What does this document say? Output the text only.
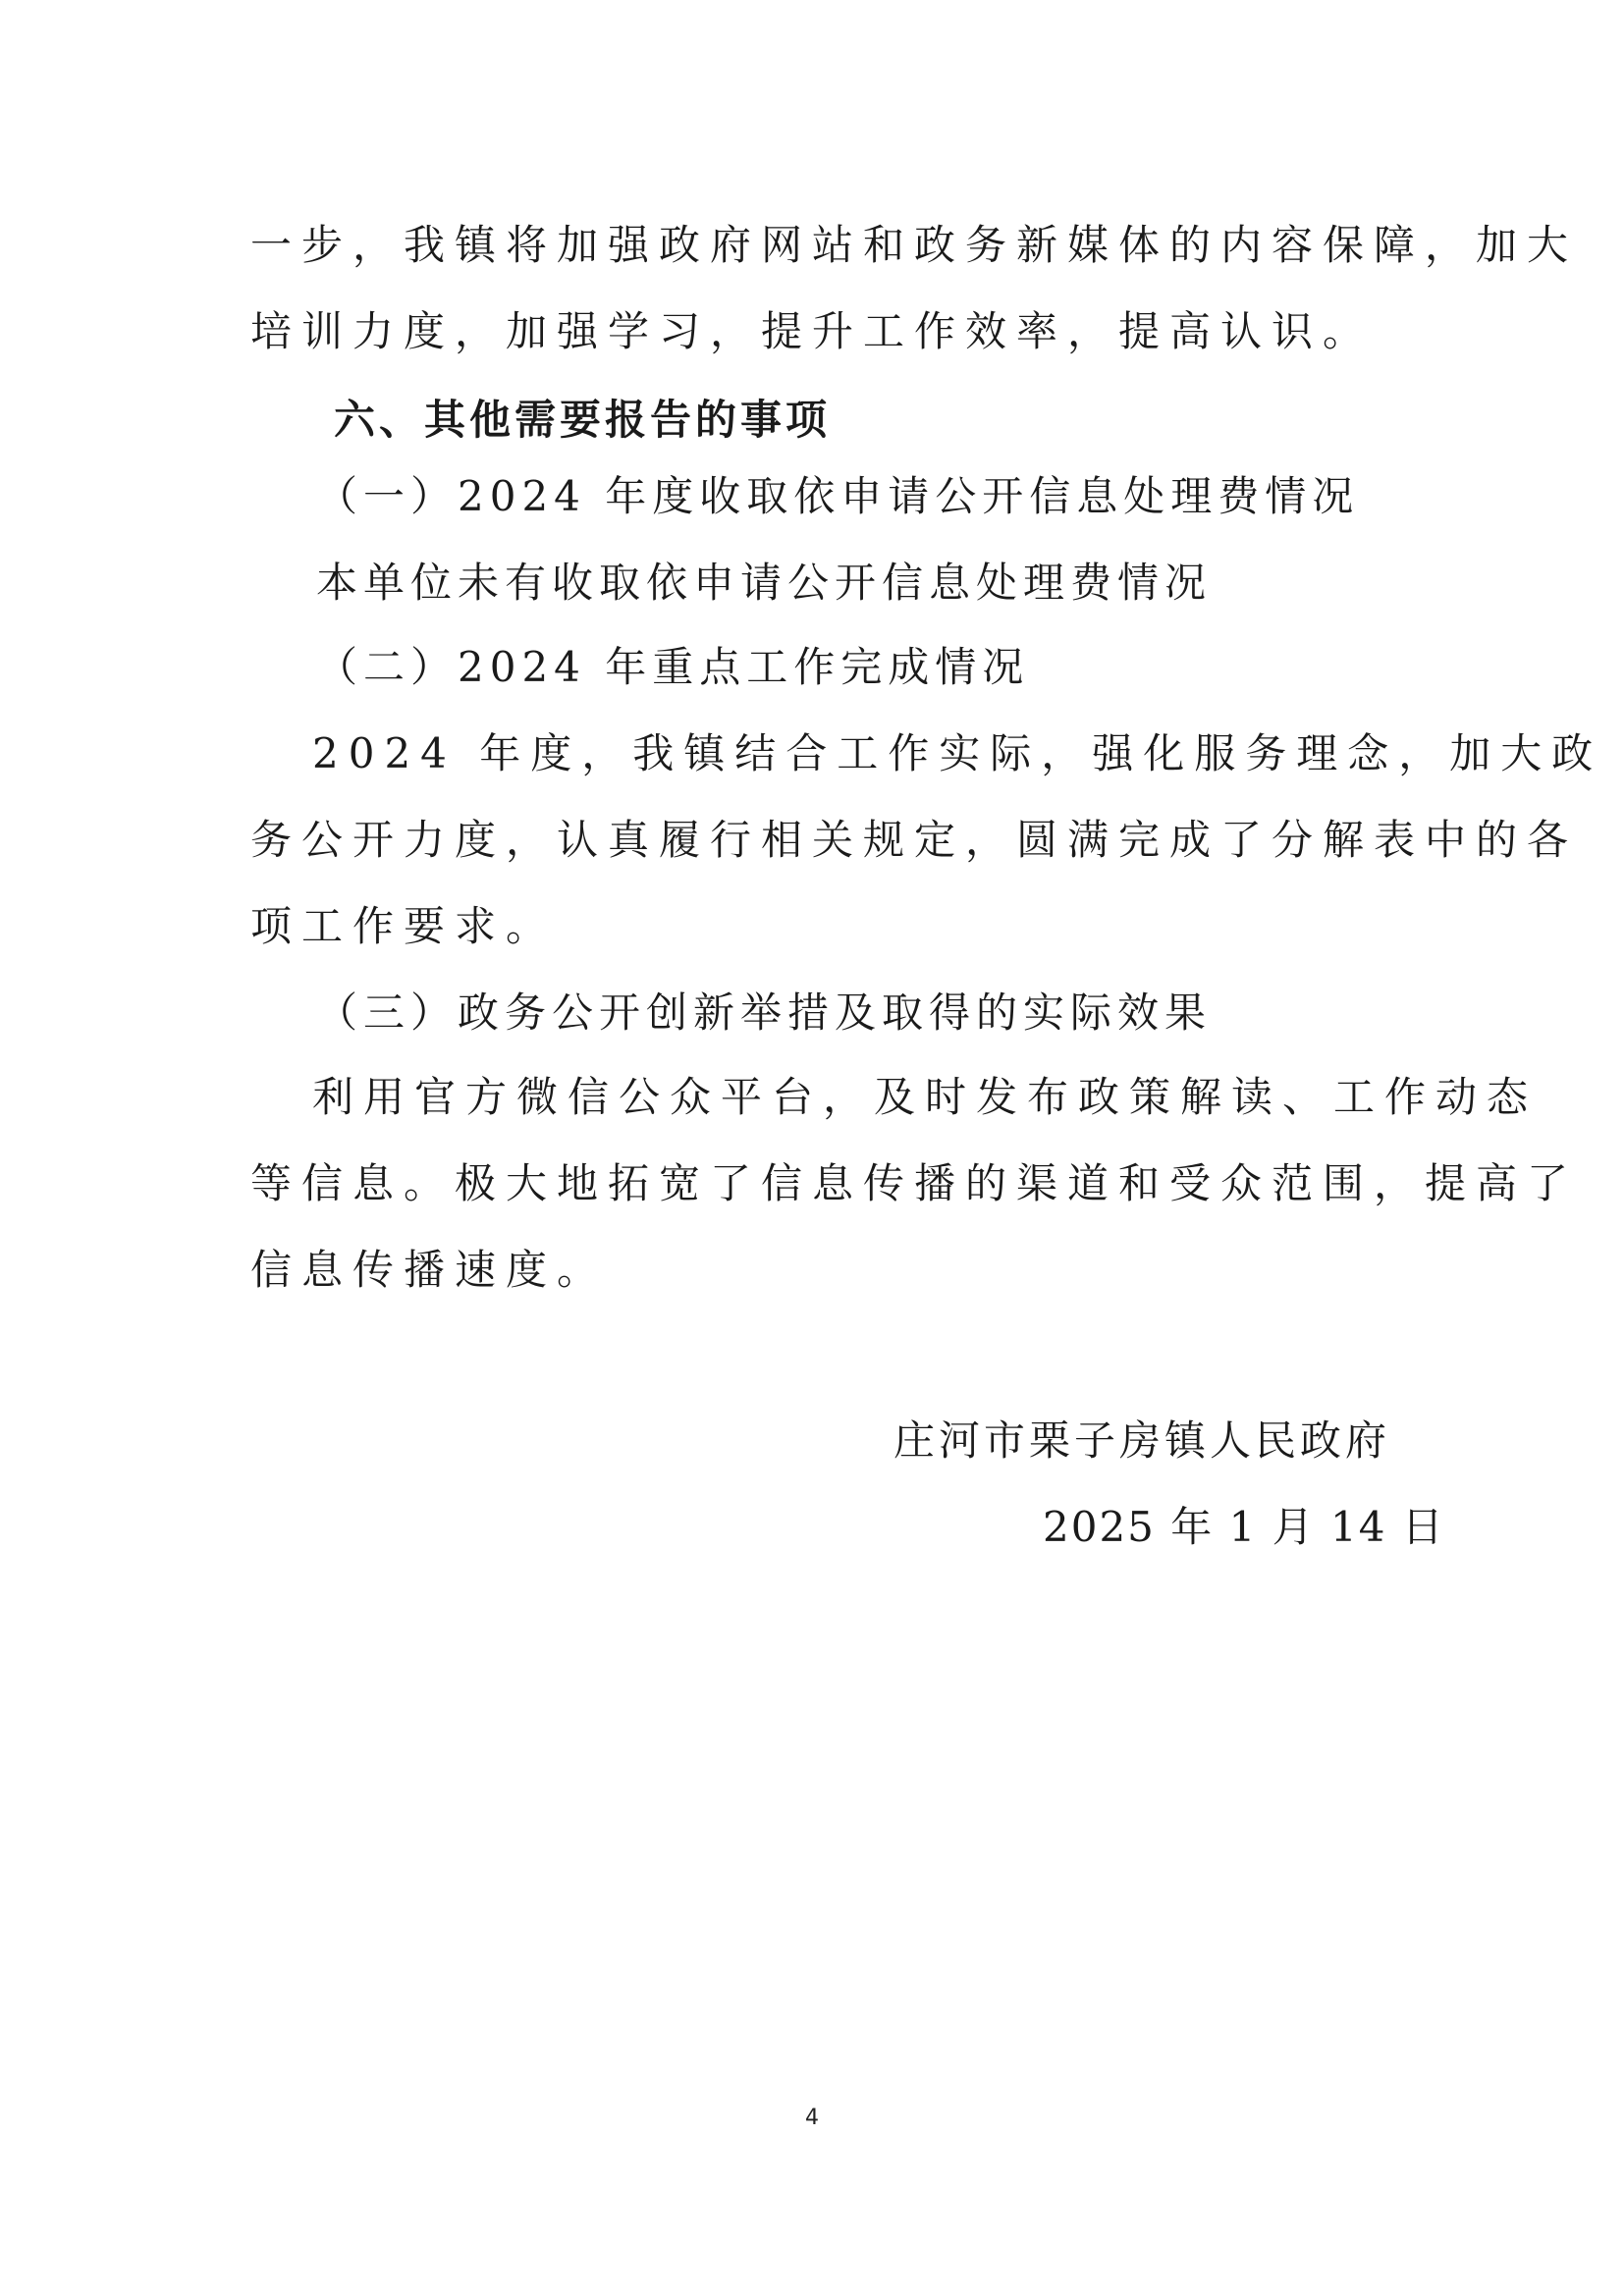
一步，我镇将加强政府网站和政务新媒体的内容保障，加大
培训力度，加强学习，提升工作效率，提高认识。
六、其他需要报告的事项
（一）2024 年度收取依申请公开信息处理费情况
本单位未有收取依申请公开信息处理费情况
（二）2024 年重点工作完成情况
2024 年度，我镇结合工作实际，强化服务理念，加大政
务公开力度，认真履行相关规定，圆满完成了分解表中的各
项工作要求。
（三）政务公开创新举措及取得的实际效果
利用官方微信公众平台，及时发布政策解读、工作动态
等信息。极大地拓宽了信息传播的渠道和受众范围，提高了
信息传播速度。
庄河市栗子房镇人民政府
2025 年 1 月 14 日
4
